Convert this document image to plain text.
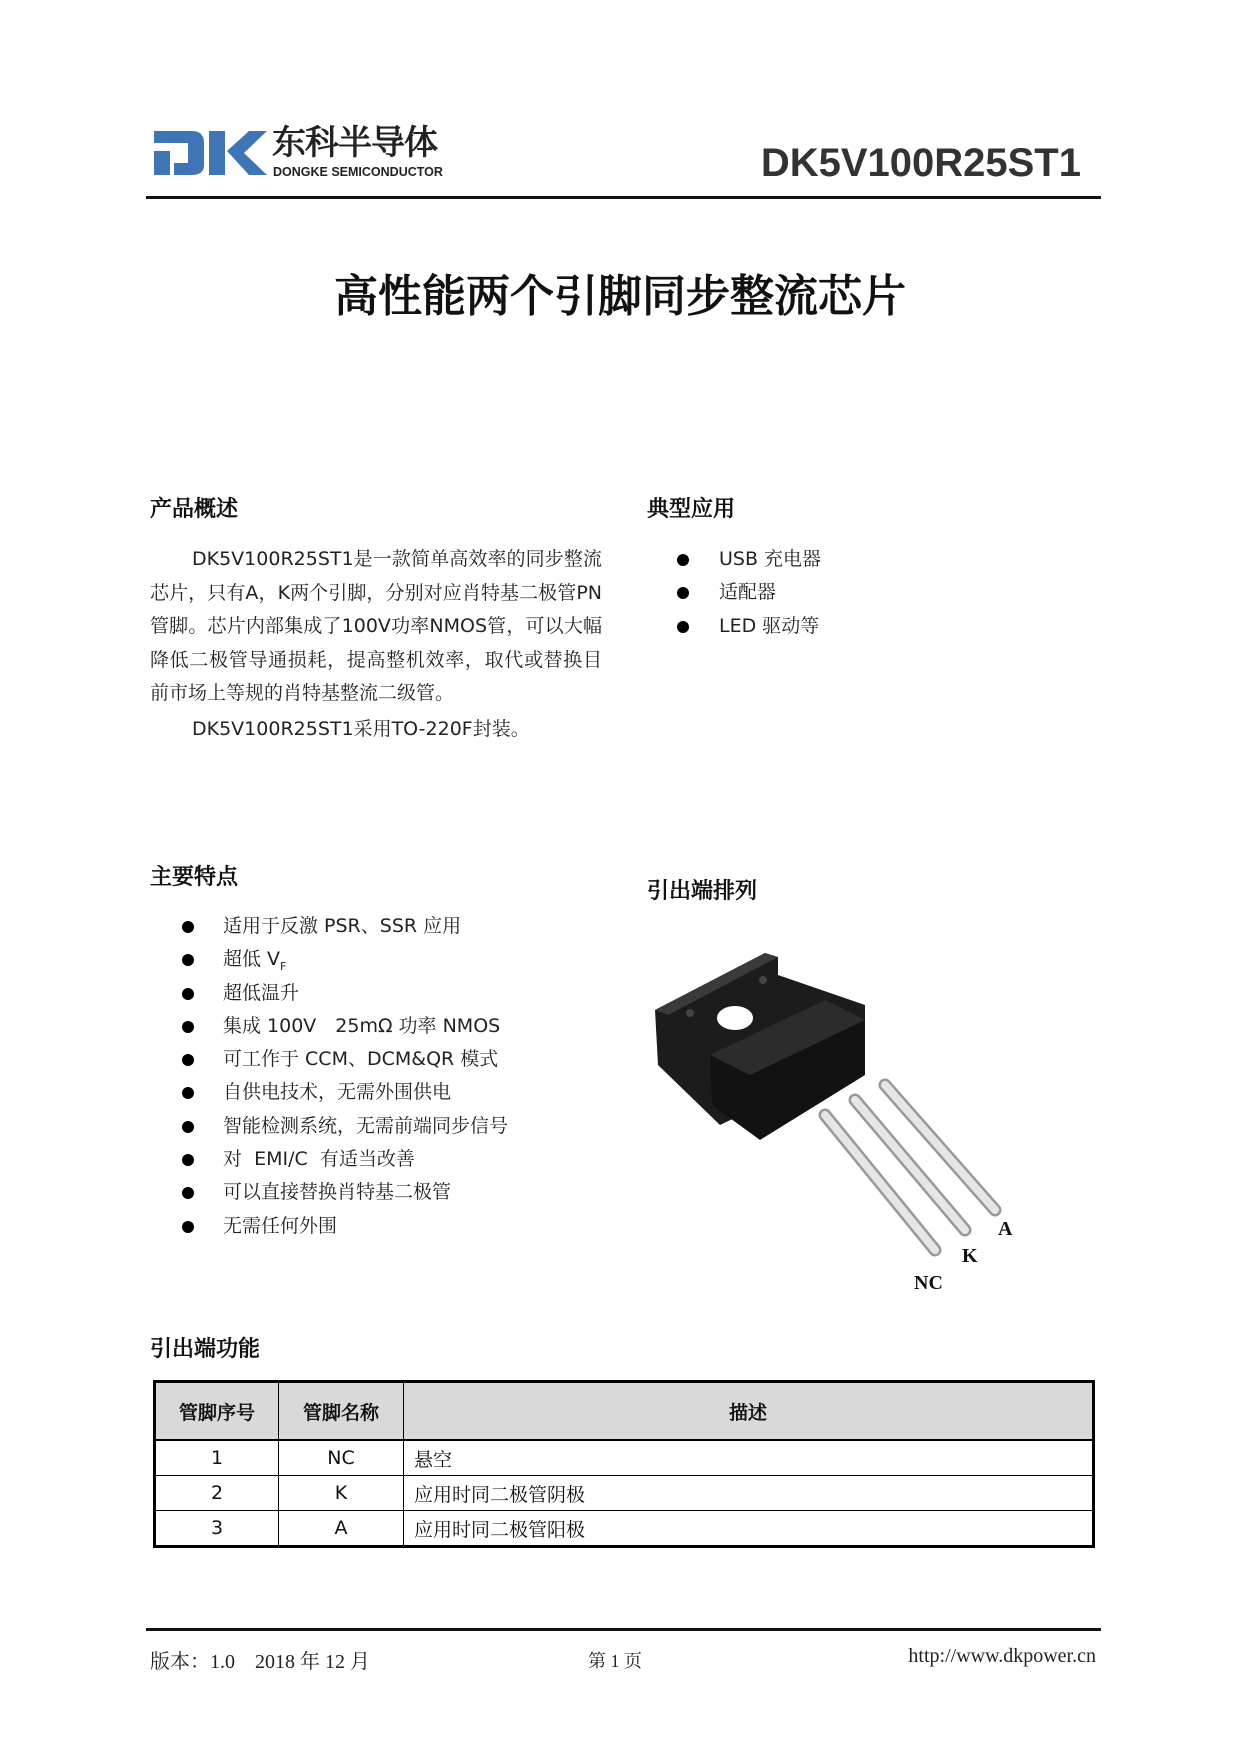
东科半导体
DONGKE SEMICONDUCTOR	DK5V100R25ST1
高性能两个引脚同步整流芯片
产品概述

DK5V100R25ST1是一款简单高效率的同步整流芯片，只有A，K两个引脚，分别对应肖特基二极管PN管脚。芯片内部集成了100V功率NMOS管，可以大幅降低二极管导通损耗，提高整机效率，取代或替换目前市场上等规的肖特基整流二级管。

DK5V100R25ST1采用TO-220F封装。

典型应用
USB 充电器
适配器
LED 驱动等
主要特点
适用于反激 PSR、SSR 应用
超低 $V_F$
超低温升
集成 100V　25mΩ 功率 NMOS
可工作于 CCM、DCM&QR 模式
自供电技术，无需外围供电
智能检测系统，无需前端同步信号
对  EMI/C  有适当改善
可以直接替换肖特基二极管
无需任何外围
引出端排列
A
K
NC
引出端功能
管脚序号	管脚名称	描述
1	NC	悬空
2	K	应用时同二极管阴极
3	A	应用时同二极管阳极
版本：1.0　2018 年 12 月	第 1 页	http://www.dkpower.cn
